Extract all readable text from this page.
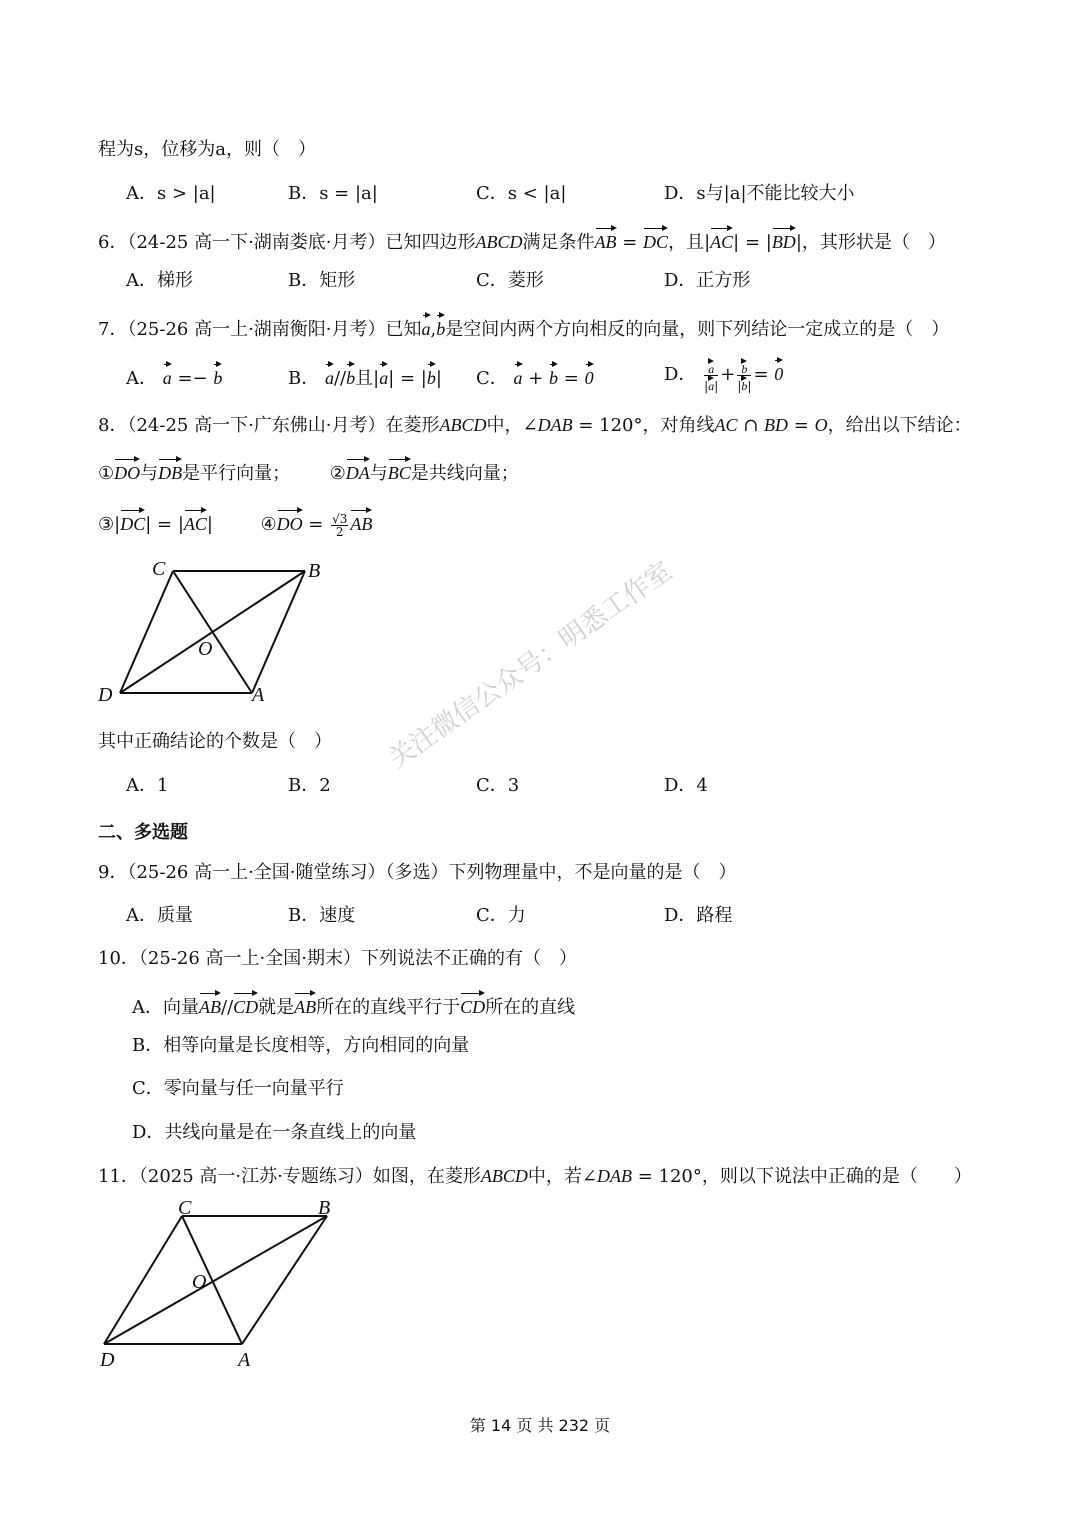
程为s，位移为a，则（　）
A．s > |a|	B．s = |a|	C．s < |a|	D．s与|a|不能比较大小
6．（24-25 高一下·湖南娄底·月考）已知四边形ABCD满足条件AB = DC，且|AC| = |BD|，其形状是（　）
A．梯形	B．矩形	C．菱形	D．正方形
7．（25-26 高一上·湖南衡阳·月考）已知a,b是空间内两个方向相反的向量，则下列结论一定成立的是（　）
A． a =− b	B． a//b且|a| = |b| C． a + b = 0	D． $\frac{a}{|a|} + \frac{b}{|b|} = 0$
8．（24-25 高一下·广东佛山·月考）在菱形ABCD中，∠DAB = 120°，对角线AC ∩ BD = O，给出以下结论：
①DO与DB是平行向量； ②DA与BC是共线向量；
③|DC| = |AC|  ④DO = $\frac{√3}{2}$ AB
C	B
O
D	A
其中正确结论的个数是（　）
A．1	B．2	C．3	D．4
二、多选题
9．（25-26 高一上·全国·随堂练习）（多选）下列物理量中，不是向量的是（　）
A．质量	B．速度	C．力	D．路程
10．（25-26 高一上·全国·期末）下列说法不正确的有（　）
A．向量AB//CD就是AB所在的直线平行于CD所在的直线
B．相等向量是长度相等，方向相同的向量
C．零向量与任一向量平行
D．共线向量是在一条直线上的向量
11．（2025 高一·江苏·专题练习）如图，在菱形ABCD中，若∠DAB = 120°，则以下说法中正确的是（　　）
C	B
O
D	A
关注微信公众号：明悉工作室
第 14 页 共 232 页
